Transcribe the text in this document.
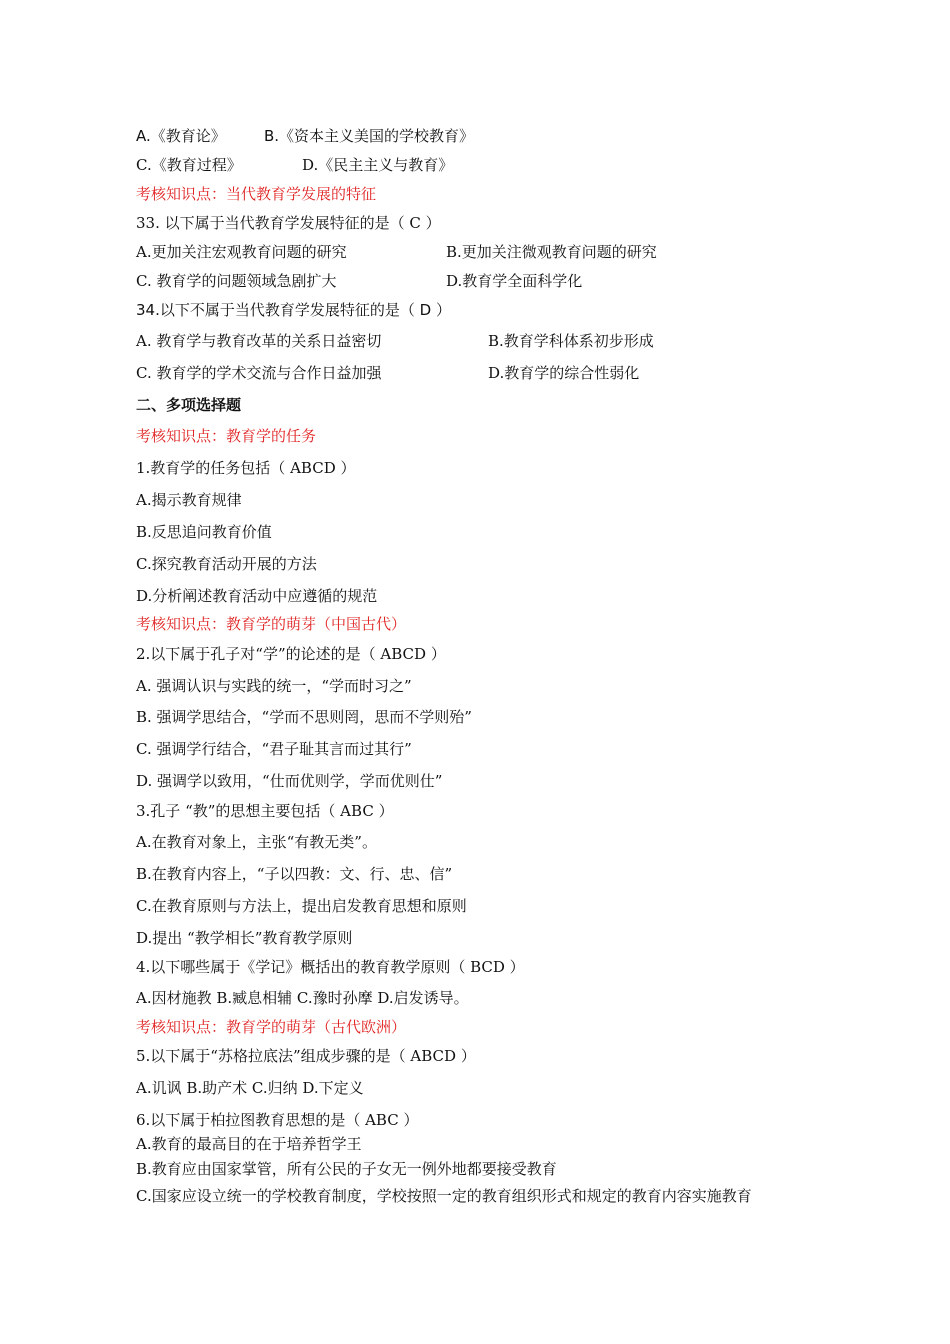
A.《教育论》	B.《资本主义美国的学校教育》
C.《教育过程》	D.《民主主义与教育》
考核知识点：当代教育学发展的特征
33. 以下属于当代教育学发展特征的是（ C ）
A.更加关注宏观教育问题的研究	B.更加关注微观教育问题的研究
C. 教育学的问题领域急剧扩大	D.教育学全面科学化
34.以下不属于当代教育学发展特征的是（ D ）
A. 教育学与教育改革的关系日益密切	B.教育学科体系初步形成
C. 教育学的学术交流与合作日益加强	D.教育学的综合性弱化
二、多项选择题
考核知识点：教育学的任务
1.教育学的任务包括（ ABCD ）
A.揭示教育规律
B.反思追问教育价值
C.探究教育活动开展的方法
D.分析阐述教育活动中应遵循的规范
考核知识点：教育学的萌芽（中国古代）
2.以下属于孔子对“学”的论述的是（ ABCD ）
A. 强调认识与实践的统一，“学而时习之”
B. 强调学思结合，“学而不思则罔，思而不学则殆”
C. 强调学行结合，“君子耻其言而过其行”
D. 强调学以致用，“仕而优则学，学而优则仕”
3.孔子 “教”的思想主要包括（ ABC ）
A.在教育对象上，主张“有教无类”。
B.在教育内容上，“子以四教：文、行、忠、信”
C.在教育原则与方法上，提出启发教育思想和原则
D.提出 “教学相长”教育教学原则
4.以下哪些属于《学记》概括出的教育教学原则（ BCD ）
A.因材施教 B.臧息相辅 C.豫时孙摩 D.启发诱导。
考核知识点：教育学的萌芽（古代欧洲）
5.以下属于“苏格拉底法”组成步骤的是（ ABCD ）
A.讥讽 B.助产术 C.归纳 D.下定义
6.以下属于柏拉图教育思想的是（ ABC ）
A.教育的最高目的在于培养哲学王
B.教育应由国家掌管，所有公民的子女无一例外地都要接受教育
C.国家应设立统一的学校教育制度，学校按照一定的教育组织形式和规定的教育内容实施教育
